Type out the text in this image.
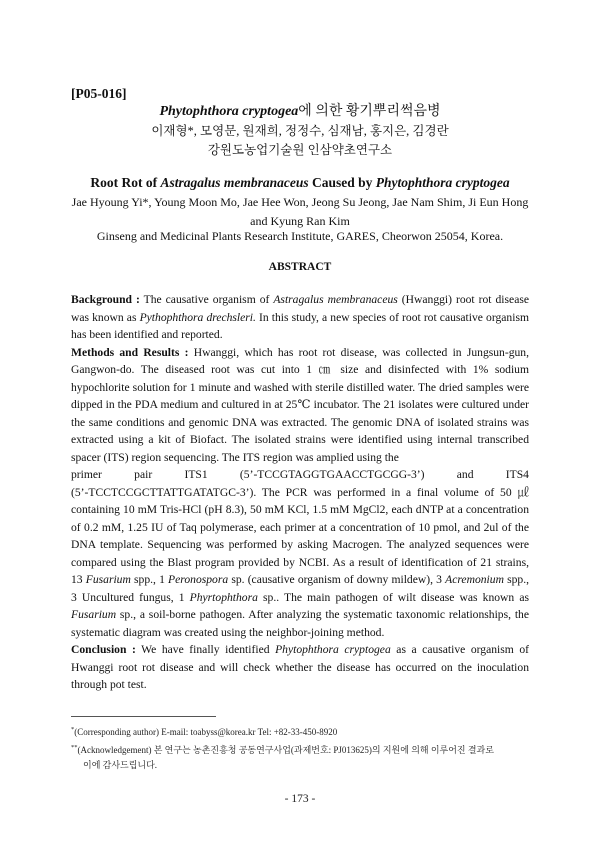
[P05-016]
Phytophthora cryptogea에 의한 황기뿌리썩음병
이재형*, 모영문, 원재희, 정정수, 심재남, 홍지은, 김경란
강원도농업기술원 인삼약초연구소
Root Rot of Astragalus membranaceus Caused by Phytophthora cryptogea
Jae Hyoung Yi*, Young Moon Mo, Jae Hee Won, Jeong Su Jeong, Jae Nam Shim, Ji Eun Hong and Kyung Ran Kim
Ginseng and Medicinal Plants Research Institute, GARES, Cheorwon 25054, Korea.
ABSTRACT

Background : The causative organism of Astragalus membranaceus (Hwanggi) root rot disease was known as Pythophthora drechsleri. In this study, a new species of root rot causative organism has been identified and reported.

Methods and Results : Hwanggi, which has root rot disease, was collected in Jungsun-gun, Gangwon-do. The diseased root was cut into 1 ㎝ size and disinfected with 1% sodium hypochlorite solution for 1 minute and washed with sterile distilled water. The dried samples were dipped in the PDA medium and cultured in at 25℃ incubator. The 21 isolates were cultured under the same conditions and genomic DNA was extracted. The genomic DNA of isolated strains was extracted using a kit of Biofact. The isolated strains were identified using internal transcribed spacer (ITS) region sequencing. The ITS region was amplied using the

primer	pair	ITS1	(5’-TCCGTAGGTGAACCTGCGG-3’)	and	ITS4

(5’-TCCTCCGCTTATTGATATGC-3’). The PCR was performed in a final volume of 50 ㎕ containing 10 mM Tris-HCl (pH 8.3), 50 mM KCl, 1.5 mM MgCl2, each dNTP at a concentration of 0.2 mM, 1.25 IU of Taq polymerase, each primer at a concentration of 10 pmol, and 2ul of the DNA template. Sequencing was performed by asking Macrogen. The analyzed sequences were compared using the Blast program provided by NCBI. As a result of identification of 21 strains, 13 Fusarium spp., 1 Peronospora sp. (causative organism of downy mildew), 3 Acremonium spp., 3 Uncultured fungus, 1 Phyrtophthora sp.. The main pathogen of wilt disease was known as Fusarium sp., a soil-borne pathogen. After analyzing the systematic taxonomic relationships, the systematic diagram was created using the neighbor-joining method.

Conclusion : We have finally identified Phytophthora cryptogea as a causative organism of Hwanggi root rot disease and will check whether the disease has occurred on the inoculation through pot test.

*(Corresponding author) E-mail: toabyss@korea.kr Tel: +82-33-450-8920

**(Acknowledgement) 본 연구는 농촌진흥청 공동연구사업(과제번호: PJ013625)의 지원에 의해 이루어진 결과로

이에 감사드립니다.

- 173 -
